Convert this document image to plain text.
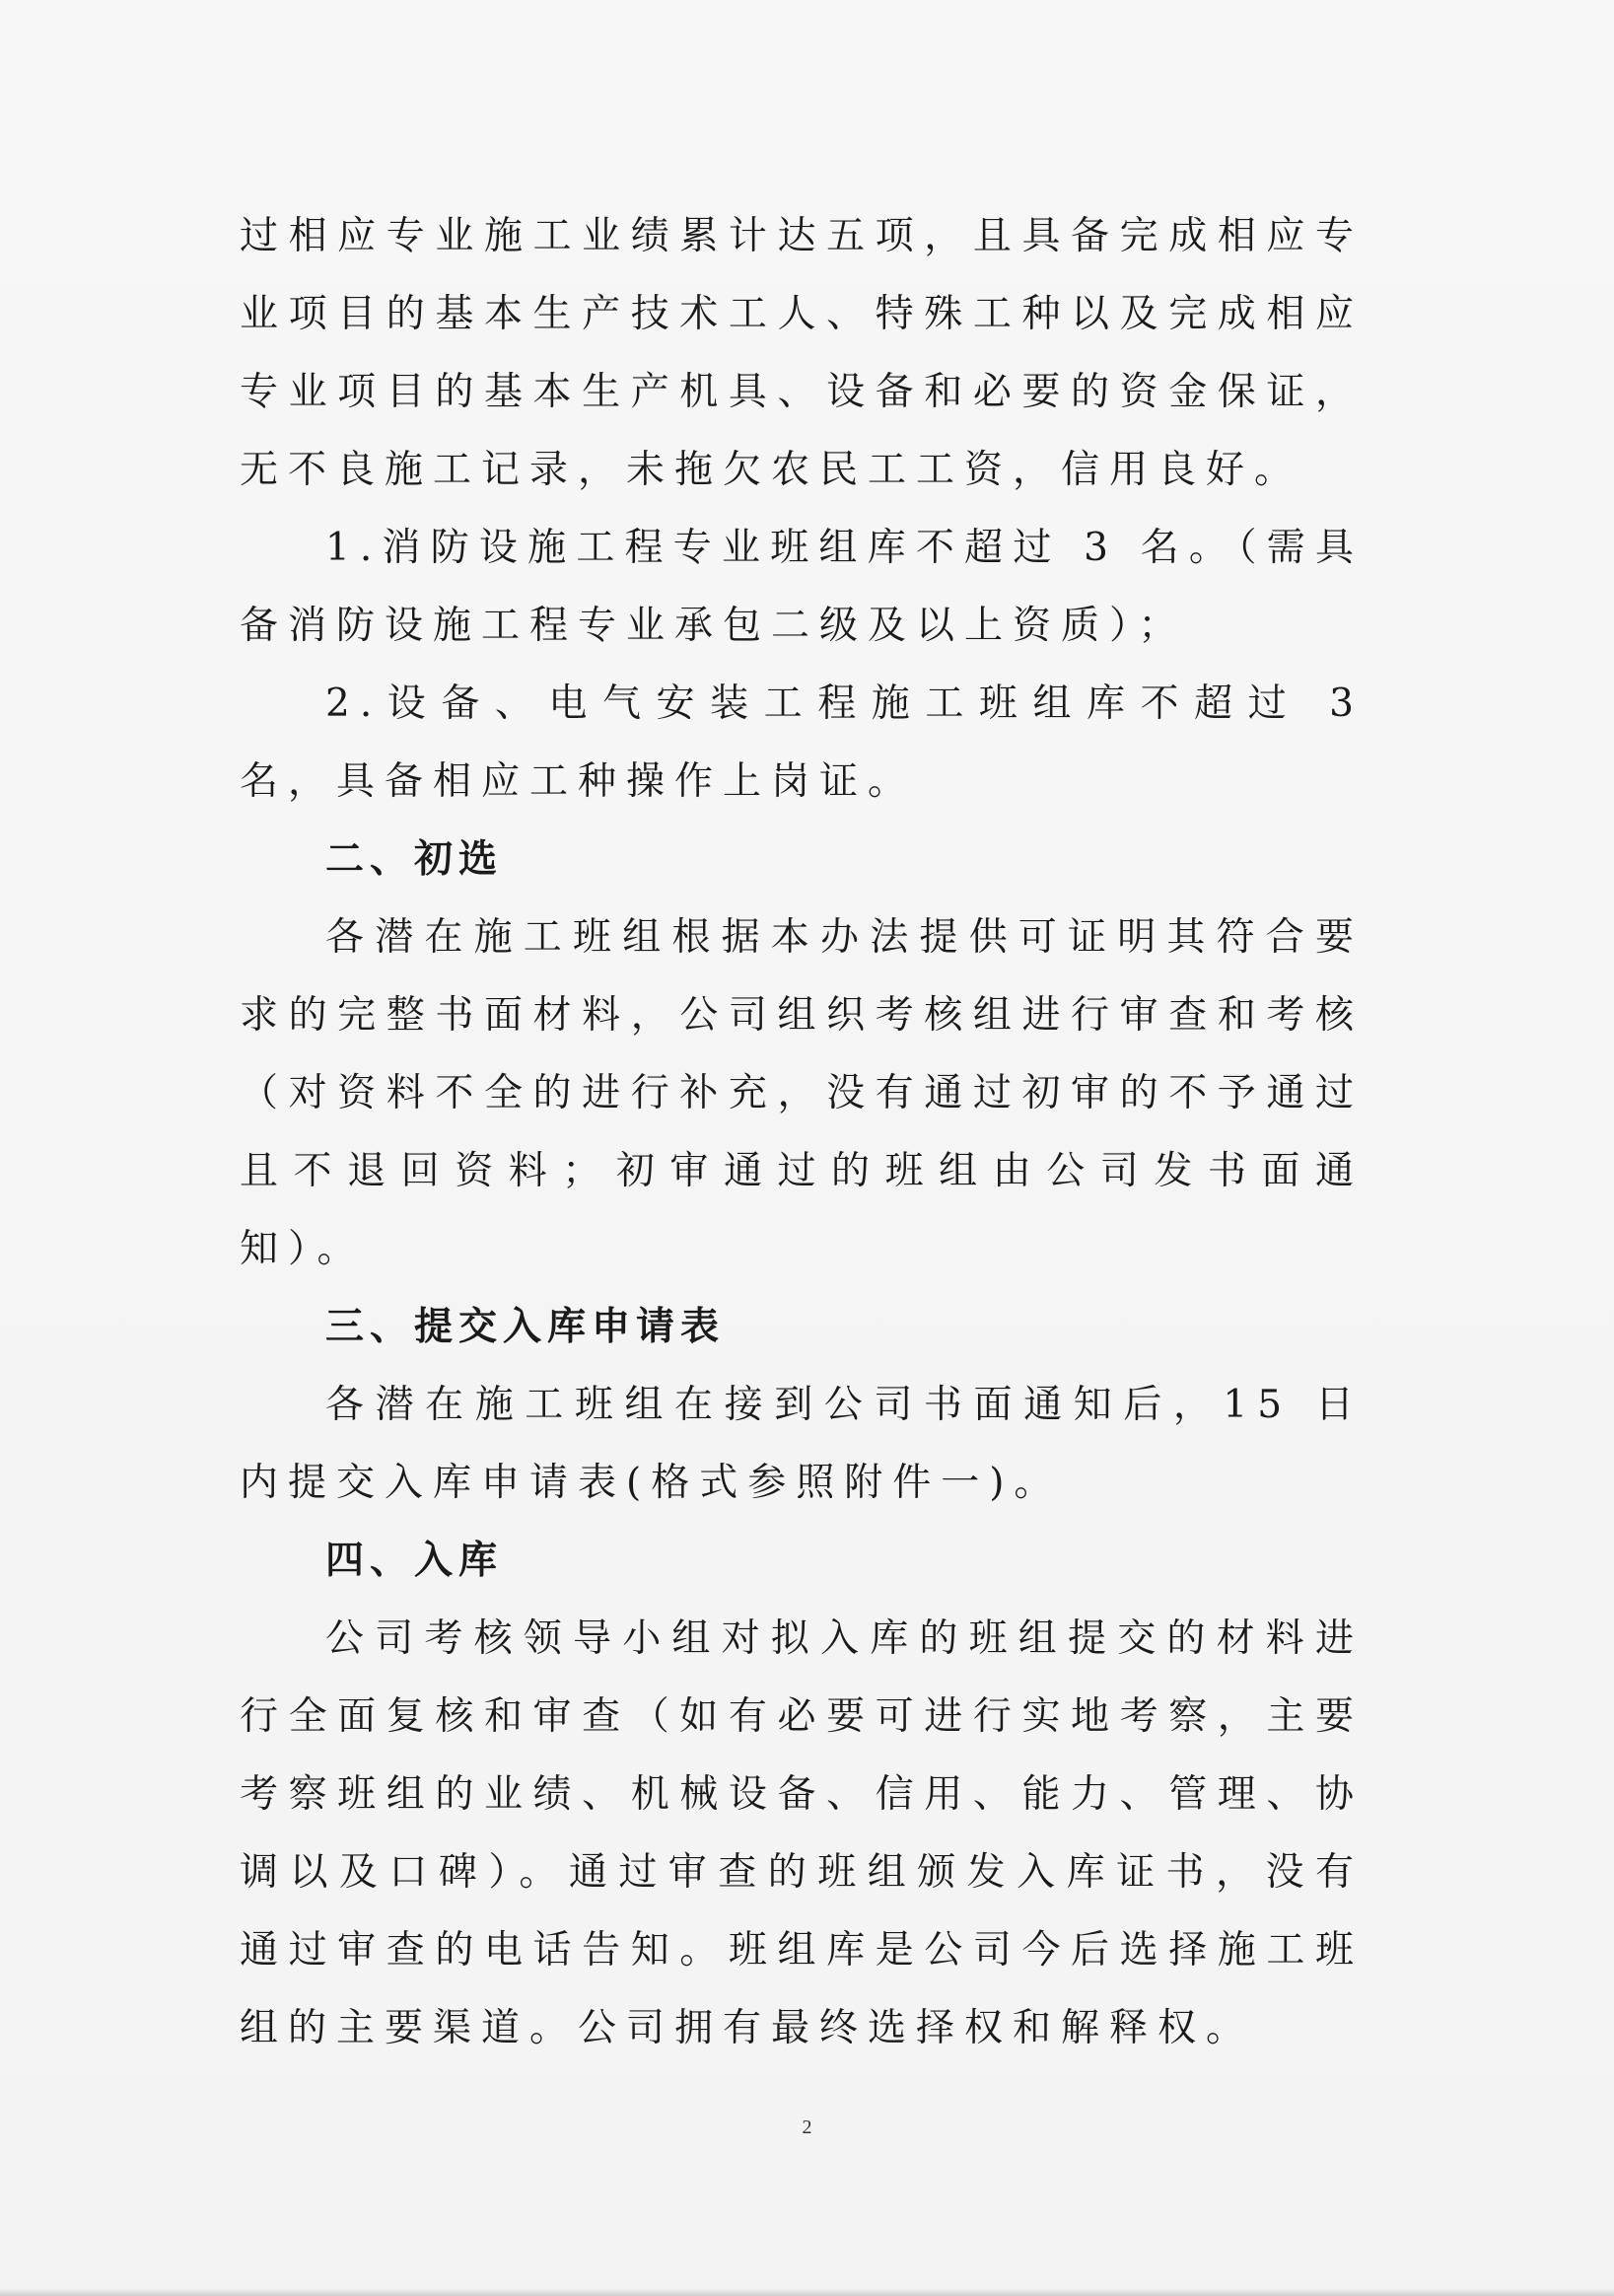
过相应专业施工业绩累计达五项，且具备完成相应专业项目的基本生产技术工人、特殊工种以及完成相应专业项目的基本生产机具、设备和必要的资金保证，无不良施工记录，未拖欠农民工工资，信用良好。

1.消防设施工程专业班组库不超过 3 名。（需具备消防设施工程专业承包二级及以上资质）；

2.设备、电气安装工程施工班组库不超过 3 名，具备相应工种操作上岗证。

二、初选

各潜在施工班组根据本办法提供可证明其符合要求的完整书面材料，公司组织考核组进行审查和考核（对资料不全的进行补充，没有通过初审的不予通过且不退回资料；初审通过的班组由公司发书面通知）。

三、提交入库申请表

各潜在施工班组在接到公司书面通知后，15 日内提交入库申请表(格式参照附件一)。

四、入库

公司考核领导小组对拟入库的班组提交的材料进行全面复核和审查（如有必要可进行实地考察，主要考察班组的业绩、机械设备、信用、能力、管理、协调以及口碑）。通过审查的班组颁发入库证书，没有通过审查的电话告知。班组库是公司今后选择施工班组的主要渠道。公司拥有最终选择权和解释权。

2
